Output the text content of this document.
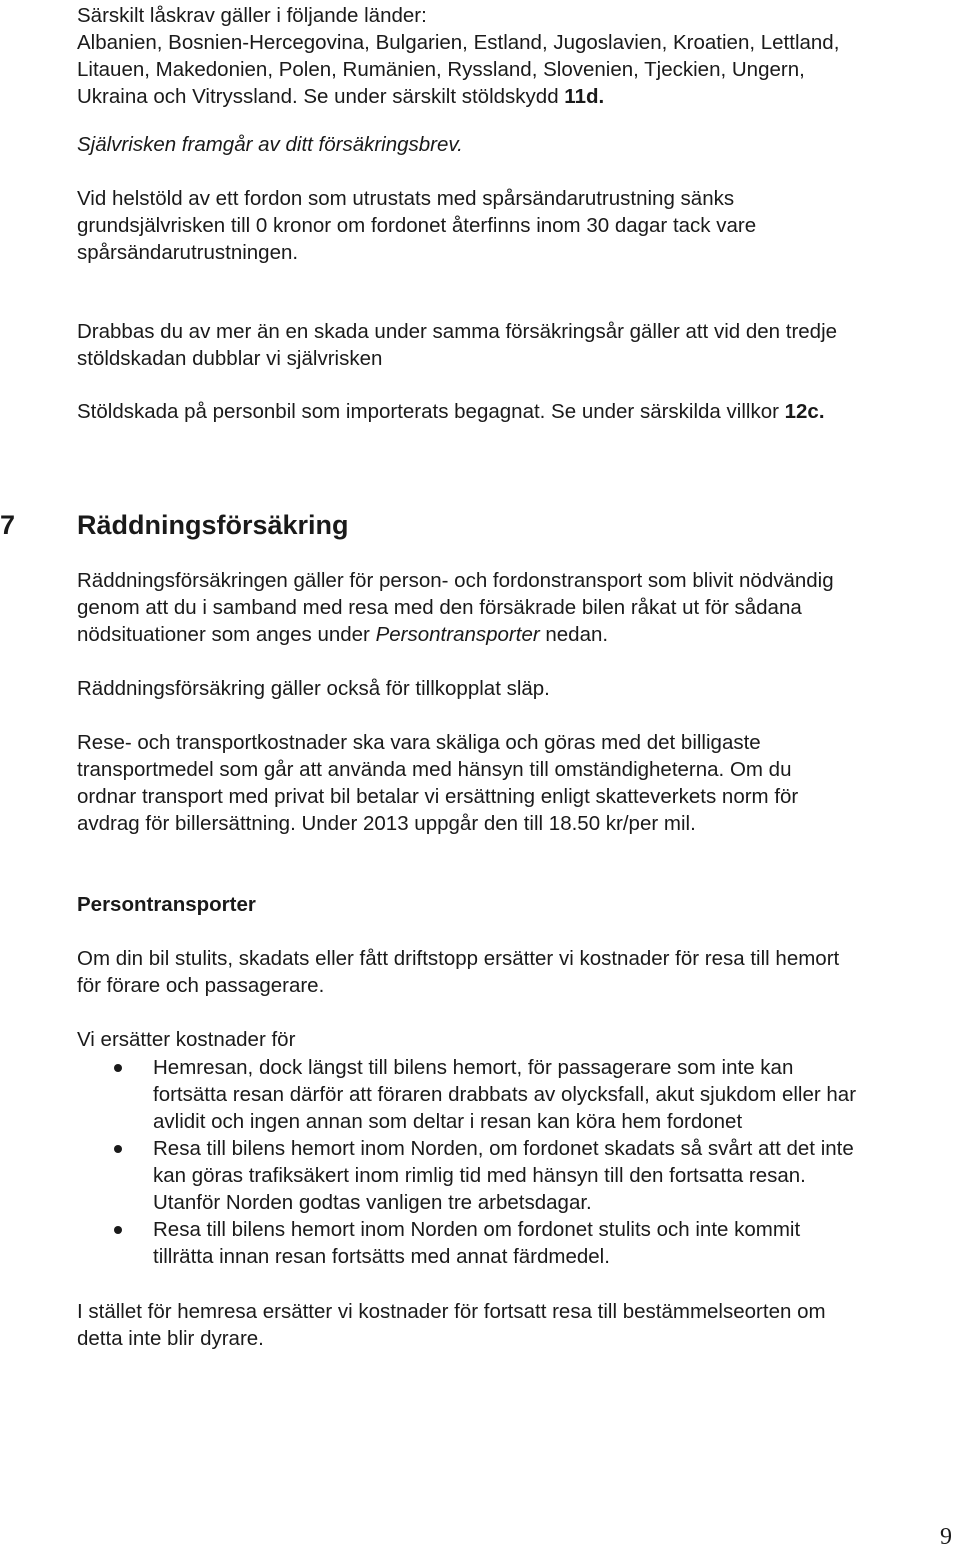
Särskilt låskrav gäller i följande länder:
Albanien, Bosnien-Hercegovina, Bulgarien, Estland, Jugoslavien, Kroatien, Lettland,
Litauen, Makedonien, Polen, Rumänien, Ryssland, Slovenien, Tjeckien, Ungern,
Ukraina och Vitryssland. Se under särskilt stöldskydd 11d.

Självrisken framgår av ditt försäkringsbrev.

Vid helstöld av ett fordon som utrustats med spårsändarutrustning sänks
grundsjälvrisken till 0 kronor om fordonet återfinns inom 30 dagar tack vare
spårsändarutrustningen.

Drabbas du av mer än en skada under samma försäkringsår gäller att vid den tredje
stöldskadan dubblar vi självrisken

Stöldskada på personbil som importerats begagnat. Se under särskilda villkor 12c.

7 Räddningsförsäkring

Räddningsförsäkringen gäller för person- och fordonstransport som blivit nödvändig
genom att du i samband med resa med den försäkrade bilen råkat ut för sådana
nödsituationer som anges under Persontransporter nedan.

Räddningsförsäkring gäller också för tillkopplat släp.

Rese- och transportkostnader ska vara skäliga och göras med det billigaste
transportmedel som går att använda med hänsyn till omständigheterna. Om du
ordnar transport med privat bil betalar vi ersättning enligt skatteverkets norm för
avdrag för billersättning. Under 2013 uppgår den till 18.50 kr/per mil.

Persontransporter

Om din bil stulits, skadats eller fått driftstopp ersätter vi kostnader för resa till hemort
för förare och passagerare.

Vi ersätter kostnader för

Hemresan, dock längst till bilens hemort, för passagerare som inte kan
fortsätta resan därför att föraren drabbats av olycksfall, akut sjukdom eller har
avlidit och ingen annan som deltar i resan kan köra hem fordonet
Resa till bilens hemort inom Norden, om fordonet skadats så svårt att det inte
kan göras trafiksäkert inom rimlig tid med hänsyn till den fortsatta resan.
Utanför Norden godtas vanligen tre arbetsdagar.
Resa till bilens hemort inom Norden om fordonet stulits och inte kommit
tillrätta innan resan fortsätts med annat färdmedel.

I stället för hemresa ersätter vi kostnader för fortsatt resa till bestämmelseorten om
detta inte blir dyrare.

9
